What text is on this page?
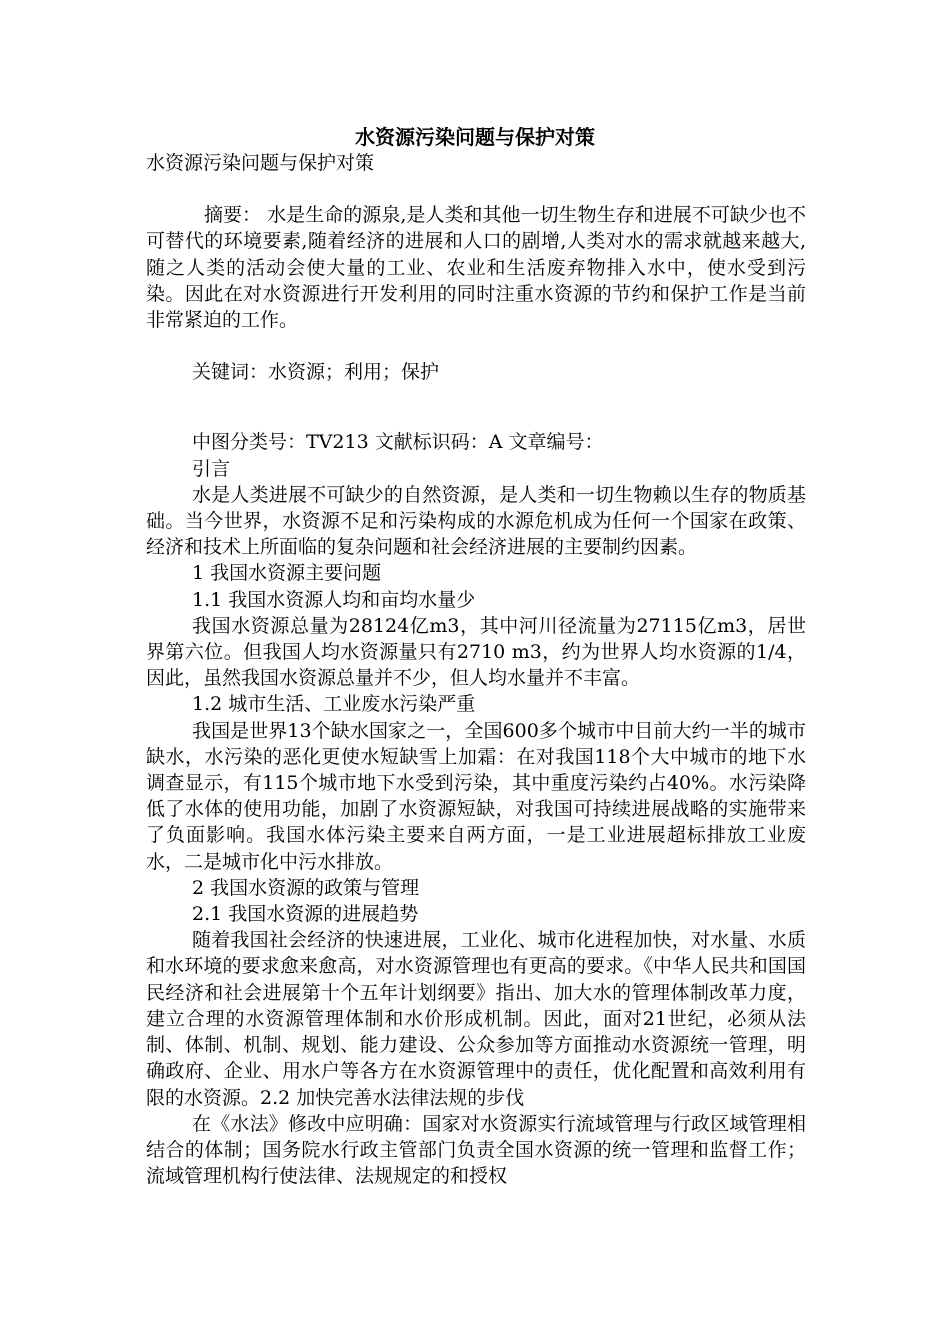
水资源污染问题与保护对策

水资源污染问题与保护对策

摘要： 水是生命的源泉,是人类和其他一切生物生存和进展不可缺少也不可替代的环境要素,随着经济的进展和人口的剧增,人类对水的需求就越来越大,随之人类的活动会使大量的工业、农业和生活废弃物排入水中，使水受到污染。因此在对水资源进行开发利用的同时注重水资源的节约和保护工作是当前非常紧迫的工作。

关键词：水资源；利用；保护

中图分类号：TV213 文献标识码：A 文章编号：

引言

水是人类进展不可缺少的自然资源，是人类和一切生物赖以生存的物质基础。当今世界，水资源不足和污染构成的水源危机成为任何一个国家在政策、经济和技术上所面临的复杂问题和社会经济进展的主要制约因素。

1 我国水资源主要问题

1.1 我国水资源人均和亩均水量少

我国水资源总量为28124亿m3，其中河川径流量为27115亿m3，居世界第六位。但我国人均水资源量只有2710 m3，约为世界人均水资源的1/4，因此，虽然我国水资源总量并不少，但人均水量并不丰富。

1.2 城市生活、工业废水污染严重

我国是世界13个缺水国家之一，全国600多个城市中目前大约一半的城市缺水，水污染的恶化更使水短缺雪上加霜：在对我国118个大中城市的地下水调查显示，有115个城市地下水受到污染，其中重度污染约占40%。水污染降低了水体的使用功能，加剧了水资源短缺，对我国可持续进展战略的实施带来了负面影响。我国水体污染主要来自两方面，一是工业进展超标排放工业废水，二是城市化中污水排放。

2 我国水资源的政策与管理

2.1 我国水资源的进展趋势

随着我国社会经济的快速进展，工业化、城市化进程加快，对水量、水质和水环境的要求愈来愈高，对水资源管理也有更高的要求。《中华人民共和国国民经济和社会进展第十个五年计划纲要》指出、加大水的管理体制改革力度，建立合理的水资源管理体制和水价形成机制。因此，面对21世纪，必须从法制、体制、机制、规划、能力建设、公众参加等方面推动水资源统一管理，明确政府、企业、用水户等各方在水资源管理中的责任，优化配置和高效利用有限的水资源。2.2 加快完善水法律法规的步伐

在《水法》修改中应明确：国家对水资源实行流域管理与行政区域管理相结合的体制；国务院水行政主管部门负责全国水资源的统一管理和监督工作；流域管理机构行使法律、法规规定的和授权
